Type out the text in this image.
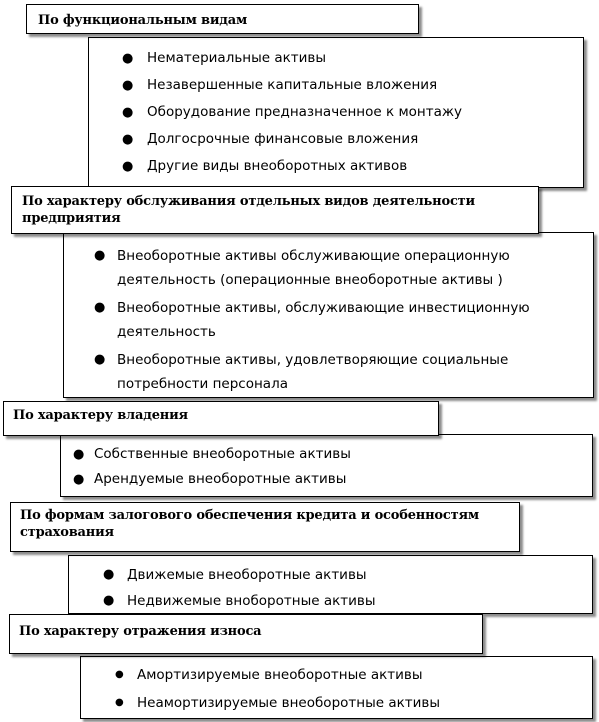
● Нематериальные активы
● Незавершенные капитальные вложения
● Оборудование предназначенное к монтажу
● Долгосрочные финансовые вложения
● Другие виды внеоборотных активов
По функциональным видам
● Внеоборотные активы обслуживающие операционную деятельность (операционные внеоборотные активы )
● Внеоборотные активы, обслуживающие инвестиционную деятельность
● Внеоборотные активы, удовлетворяющие социальные потребности персонала
По характеру обслуживания отдельных видов деятельности предприятия
● Собственные внеоборотные активы
● Арендуемые внеоборотные активы
По характеру владения
● Движемые внеоборотные активы
● Недвижемые вноборотные активы
По формам залогового обеспечения кредита и особенностям страхования
● Амортизируемые внеоборотные активы
● Неамортизируемые внеоборотные активы
По характеру отражения износа
